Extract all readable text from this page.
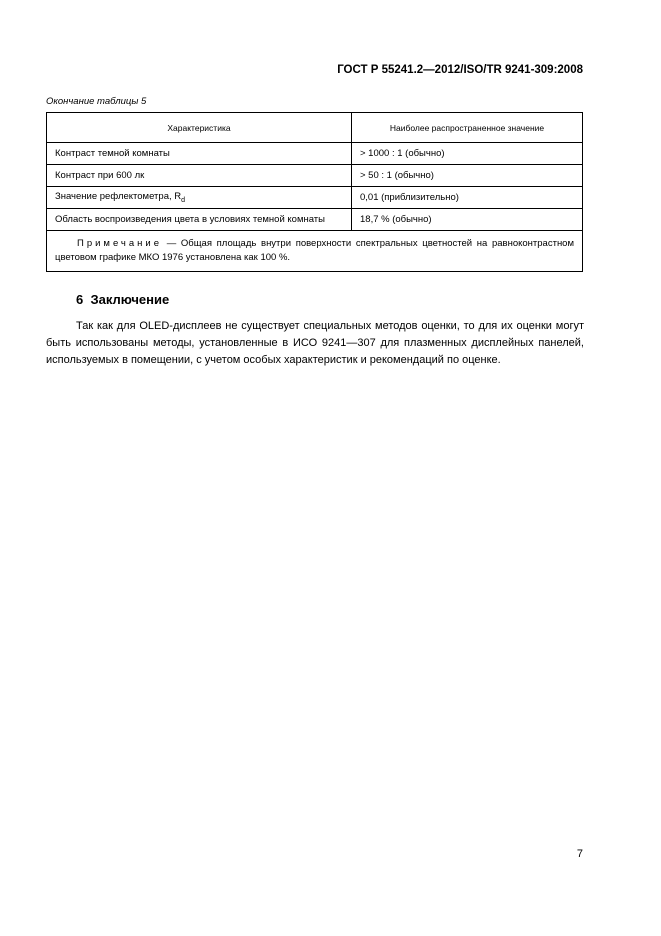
ГОСТ Р 55241.2—2012/ISO/TR 9241-309:2008
Окончание таблицы 5
Характеристика	Наиболее распространенное значение
Контраст темной комнаты	> 1000 : 1 (обычно)
Контраст при 600 лк	> 50 : 1 (обычно)
Значение рефлектометра, $R_d$	0,01 (приблизительно)
Область воспроизведения цвета в условиях темной комнаты	18,7 % (обычно)
Примечание — Общая площадь внутри поверхности спектральных цветностей на равноконтрастном цветовом графике МКО 1976 установлена как 100 %.	
6  Заключение

Так как для OLED-дисплеев не существует специальных методов оценки, то для их оценки могут быть использованы методы, установленные в ИСО 9241—307 для плазменных дисплейных панелей, используемых в помещении, с учетом особых характеристик и рекомендаций по оценке.

7
